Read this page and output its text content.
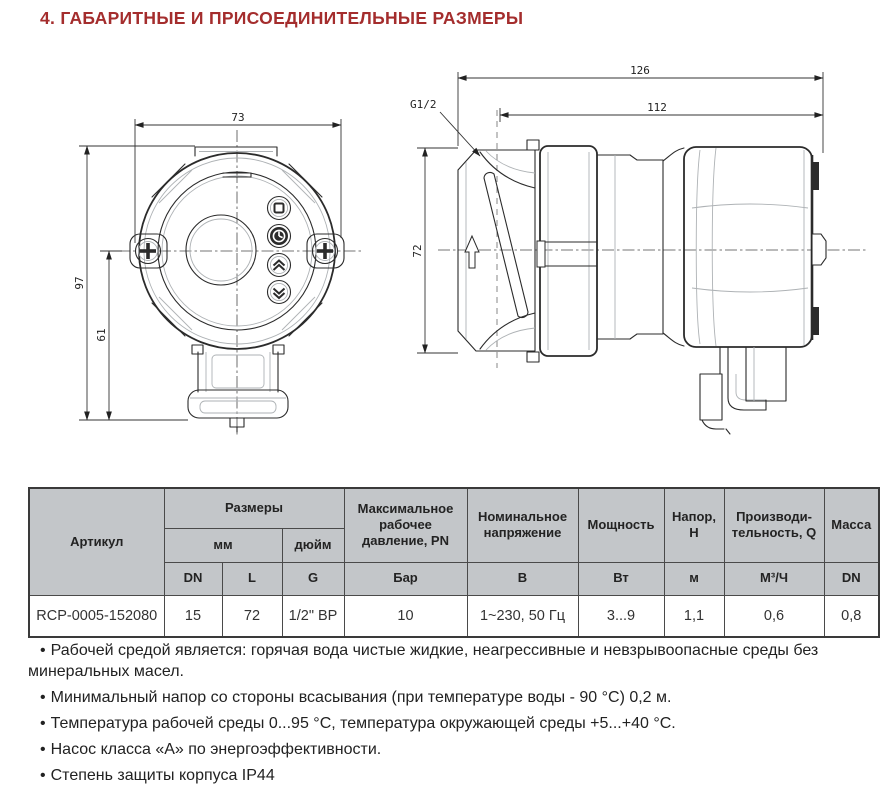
4. ГАБАРИТНЫЕ И ПРИСОЕДИНИТЕЛЬНЫЕ РАЗМЕРЫ
73
97
61
126
112
G1/2
72
Артикул	Размеры			Максимальное рабочее давление, PN	Номинальное напряжение	Мощность	Напор, Н	Производи-тельность, Q	Масса
	мм		дюйм						
	DN	L	G	Бар	В	Вт	м	М³/Ч	DN
RCP-0005-152080	15	72	1/2" ВР	10	1~230, 50 Гц	3...9	1,1	0,6	0,8
• Рабочей средой является: горячая вода чистые жидкие, неагрессивные и невзрывоопасные среды без минеральных масел.
• Минимальный напор со стороны всасывания (при температуре воды - 90 °С) 0,2 м.
• Температура рабочей среды 0...95 °С, температура окружающей среды +5...+40 °С.
• Насос класса «А» по энергоэффективности.
• Степень защиты корпуса IP44
